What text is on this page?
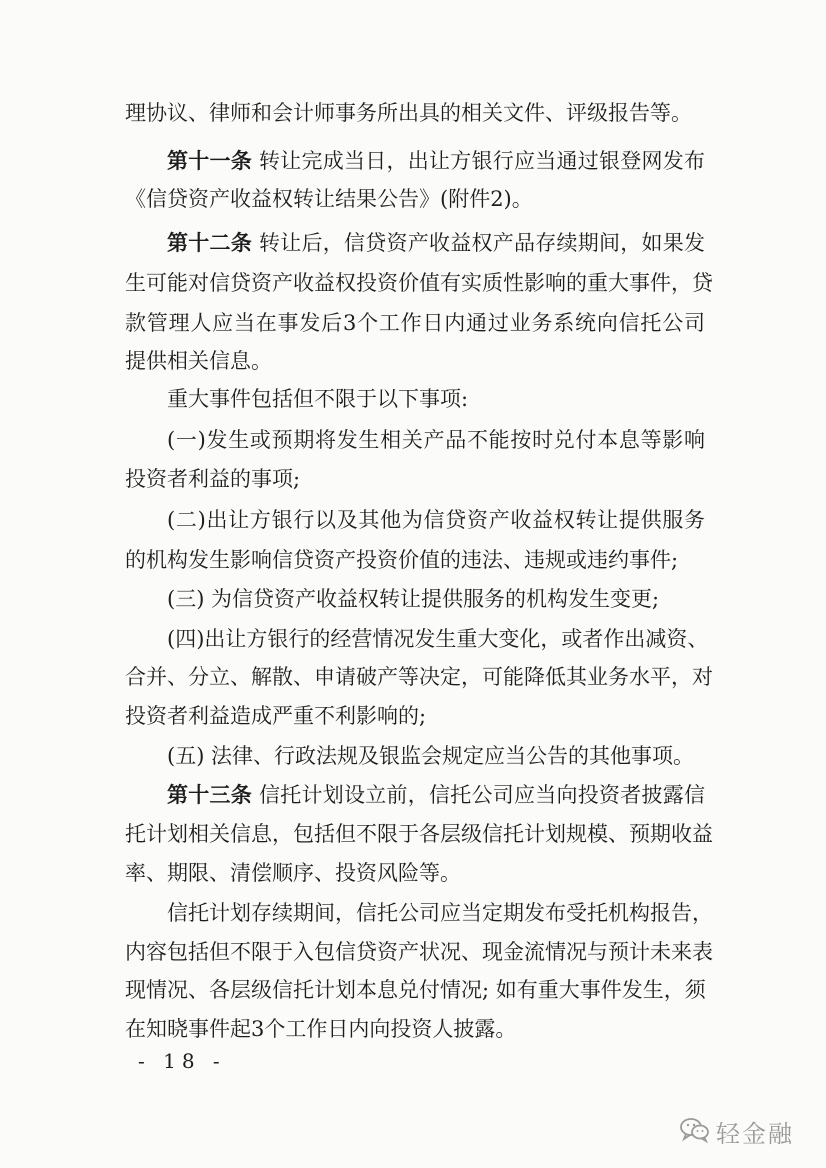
理协议、律师和会计师事务所出具的相关文件、评级报告等。
第十一条 转让完成当日，出让方银行应当通过银登网发布
《信贷资产收益权转让结果公告》(附件2)。
第十二条 转让后，信贷资产收益权产品存续期间，如果发
生可能对信贷资产收益权投资价值有实质性影响的重大事件，贷
款管理人应当在事发后3个工作日内通过业务系统向信托公司
提供相关信息。
重大事件包括但不限于以下事项:
(一)发生或预期将发生相关产品不能按时兑付本息等影响
投资者利益的事项;
(二)出让方银行以及其他为信贷资产收益权转让提供服务
的机构发生影响信贷资产投资价值的违法、违规或违约事件;
(三) 为信贷资产收益权转让提供服务的机构发生变更;
(四)出让方银行的经营情况发生重大变化，或者作出减资、
合并、分立、解散、申请破产等决定，可能降低其业务水平，对
投资者利益造成严重不利影响的;
(五) 法律、行政法规及银监会规定应当公告的其他事项。
第十三条 信托计划设立前，信托公司应当向投资者披露信
托计划相关信息，包括但不限于各层级信托计划规模、预期收益
率、期限、清偿顺序、投资风险等。
信托计划存续期间，信托公司应当定期发布受托机构报告，
内容包括但不限于入包信贷资产状况、现金流情况与预计未来表
现情况、各层级信托计划本息兑付情况; 如有重大事件发生，须
在知晓事件起3个工作日内向投资人披露。
- 18 -
轻金融
